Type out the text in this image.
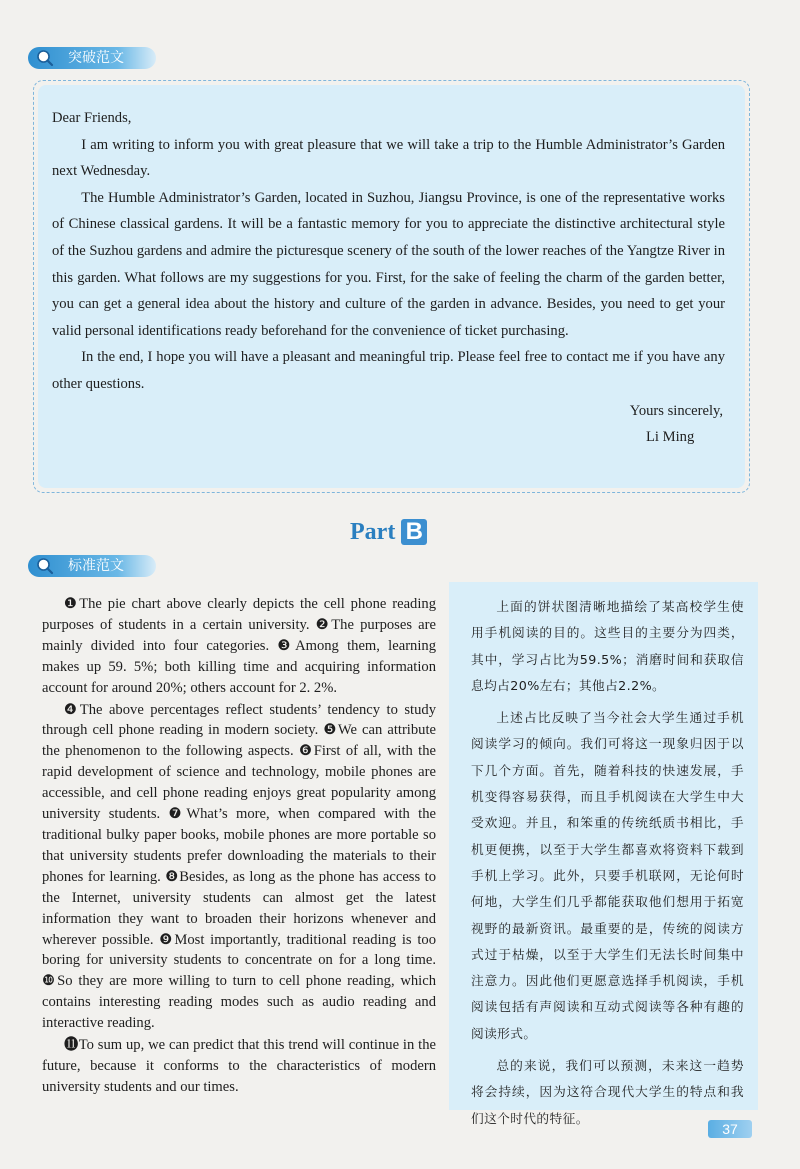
突破范文

Dear Friends,

I am writing to inform you with great pleasure that we will take a trip to the Humble Administrator’s Garden next Wednesday.

The Humble Administrator’s Garden, located in Suzhou, Jiangsu Province, is one of the representative works of Chinese classical gardens. It will be a fantastic memory for you to appreciate the distinctive architectural style of the Suzhou gardens and admire the picturesque scenery of the south of the lower reaches of the Yangtze River in this garden. What follows are my suggestions for you. First, for the sake of feeling the charm of the garden better, you can get a general idea about the history and culture of the garden in advance. Besides, you need to get your valid personal identifications ready beforehand for the convenience of ticket purchasing.

In the end, I hope you will have a pleasant and meaningful trip. Please feel free to contact me if you have any other questions.

Yours sincerely,

Li Ming

Part B
标准范文

❶The pie chart above clearly depicts the cell phone reading purposes of students in a certain university. ❷The purposes are mainly divided into four categories. ❸Among them, learning makes up 59. 5%; both killing time and acquiring information account for around 20%; others account for 2. 2%.

❹The above percentages reflect students’ tendency to study through cell phone reading in modern society. ❺We can attribute the phenomenon to the following aspects. ❻First of all, with the rapid development of science and technology, mobile phones are accessible, and cell phone reading enjoys great popularity among university students. ❼What’s more, when compared with the traditional bulky paper books, mobile phones are more portable so that university students prefer downloading the materials to their phones for learning. ❽Besides, as long as the phone has access to the Internet, university students can almost get the latest information they want to broaden their horizons whenever and wherever possible. ❾Most importantly, traditional reading is too boring for university students to concentrate on for a long time. ❿So they are more willing to turn to cell phone reading, which contains interesting reading modes such as audio reading and interactive reading.

⓫To sum up, we can predict that this trend will continue in the future, because it conforms to the characteristics of modern university students and our times.

上面的饼状图清晰地描绘了某高校学生使用手机阅读的目的。这些目的主要分为四类，其中，学习占比为59.5%；消磨时间和获取信息均占20%左右；其他占2.2%。

上述占比反映了当今社会大学生通过手机阅读学习的倾向。我们可将这一现象归因于以下几个方面。首先，随着科技的快速发展，手机变得容易获得，而且手机阅读在大学生中大受欢迎。并且，和笨重的传统纸质书相比，手机更便携，以至于大学生都喜欢将资料下载到手机上学习。此外，只要手机联网，无论何时何地，大学生们几乎都能获取他们想用于拓宽视野的最新资讯。最重要的是，传统的阅读方式过于枯燥，以至于大学生们无法长时间集中注意力。因此他们更愿意选择手机阅读，手机阅读包括有声阅读和互动式阅读等各种有趣的阅读形式。

总的来说，我们可以预测，未来这一趋势将会持续，因为这符合现代大学生的特点和我们这个时代的特征。

37
